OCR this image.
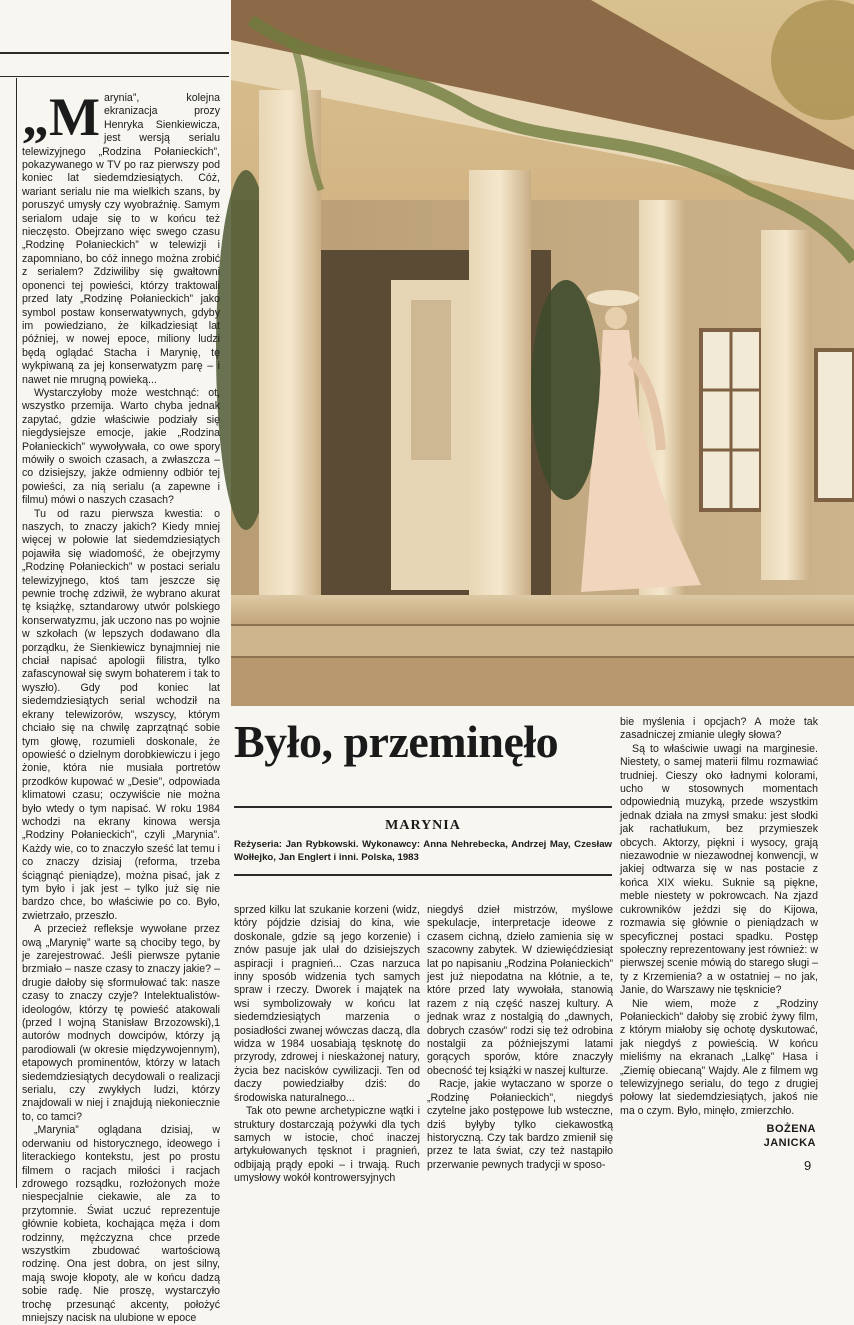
„Marynia”, kolejna ekranizacja prozy Henryka Sienkiewicza, jest wersją serialu telewizyjnego „Rodzina Połanieckich”, pokazywanego w TV po raz pierwszy pod koniec lat siedemdziesiątych. Cóż, wariant serialu nie ma wielkich szans, by poruszyć umysły czy wyobraźnię. Samym serialom udaje się to w końcu też nieczęsto. Obejrzano więc swego czasu „Rodzinę Połanieckich” w telewizji i zapomniano, bo cóż innego można zrobić z serialem? Zdziwiliby się gwałtowni oponenci tej powieści, którzy traktowali przed laty „Rodzinę Połanieckich” jako symbol postaw konserwatywnych, gdyby im powiedziano, że kilkadziesiąt lat później, w nowej epoce, miliony ludzi będą oglądać Stacha i Marynię, tę wykpiwaną za jej konserwatyzm parę – i nawet nie mrugną powieką...

Wystarczyłoby może westchnąć: ot, wszystko przemija. Warto chyba jednak zapytać, gdzie właściwie podziały się niegdysiejsze emocje, jakie „Rodzina Połanieckich” wywoływała, co owe spory mówiły o swoich czasach, a zwłaszcza – co dzisiejszy, jakże odmienny odbiór tej powieści, za nią serialu (a zapewne i filmu) mówi o naszych czasach?

Tu od razu pierwsza kwestia: o naszych, to znaczy jakich? Kiedy mniej więcej w połowie lat siedemdziesiątych pojawiła się wiadomość, że obejrzymy „Rodzinę Połanieckich” w postaci serialu telewizyjnego, ktoś tam jeszcze się pewnie trochę zdziwił, że wybrano akurat tę książkę, sztandarowy utwór polskiego konserwatyzmu, jak uczono nas po wojnie w szkołach (w lepszych dodawano dla porządku, że Sienkiewicz bynajmniej nie chciał napisać apologii filistra, tylko zafascynował się swym bohaterem i tak to wyszło). Gdy pod koniec lat siedemdziesiątych serial wchodził na ekrany telewizorów, wszyscy, którym chciało się na chwilę zaprzątnąć sobie tym głowę, rozumieli doskonale, że opowieść o dzielnym dorobkiewiczu i jego żonie, która nie musiała portretów przodków kupować w „Desie”, odpowiada klimatowi czasu; oczywiście nie można było wtedy o tym napisać. W roku 1984 wchodzi na ekrany kinowa wersja „Rodziny Połanieckich”, czyli „Marynia”. Każdy wie, co to znaczyło sześć lat temu i co znaczy dzisiaj (reforma, trzeba ściągnąć pieniądze), można pisać, jak z tym było i jak jest – tylko już się nie bardzo chce, bo właściwie po co. Było, zwietrzało, przeszło.

A przecież refleksje wywołane przez ową „Marynię” warte są chociby tego, by je zarejestrować. Jeśli pierwsze pytanie brzmiało – nasze czasy to znaczy jakie? – drugie dałoby się sformułować tak: nasze czasy to znaczy czyje? Intelektualistów-ideologów, którzy tę powieść atakowali (przed I wojną Stanisław Brzozowski),1 autorów modnych dowcipów, którzy ją parodiowali (w okresie międzywojennym), etapowych prominentów, którzy w latach siedemdziesiątych decydowali o realizacji serialu, czy zwykłych ludzi, którzy znajdowali w niej i znajdują niekoniecznie to, co tamci?

„Marynia” oglądana dzisiaj, w oderwaniu od historycznego, ideowego i literackiego kontekstu, jest po prostu filmem o racjach miłości i racjach zdrowego rozsądku, rozłożonych może niespecjalnie ciekawie, ale za to przytomnie. Świat uczuć reprezentuje głównie kobieta, kochająca męża i dom rodzinny, mężczyzna chce przede wszystkim zbudować wartościową rodzinę. Ona jest dobra, on jest silny, mają swoje kłopoty, ale w końcu dadzą sobie radę. Nie proszę, wystarczyło trochę przesunąć akcenty, położyć mniejszy nacisk na ulubione w epoce

Było, przeminęło
MARYNIA

Reżyseria: Jan Rybkowski. Wykonawcy: Anna Nehrebecka, Andrzej May, Czesław Wołłejko, Jan Englert i inni. Polska, 1983

sprzed kilku lat szukanie korzeni (widz, który pójdzie dzisiaj do kina, wie doskonale, gdzie są jego korzenie) i znów pasuje jak ulał do dzisiejszych aspiracji i pragnień... Czas narzuca inny sposób widzenia tych samych spraw i rzeczy. Dworek i majątek na wsi symbolizowały w końcu lat siedemdziesiątych marzenia o posiadłości zwanej wówczas daczą, dla widza w 1984 uosabiają tęsknotę do przyrody, zdrowej i nieskażonej natury, życia bez nacisków cywilizacji. Ten od daczy powiedziałby dziś: do środowiska naturalnego...

Tak oto pewne archetypiczne wątki i struktury dostarczają pożywki dla tych samych w istocie, choć inaczej artykułowanych tęsknot i pragnień, odbijają prądy epoki – i trwają. Ruch umysłowy wokół kontrowersyjnych

niegdyś dzieł mistrzów, myślowe spekulacje, interpretacje ideowe z czasem cichną, dzieło zamienia się w szacowny zabytek. W dziewięćdziesiąt lat po napisaniu „Rodzina Połanieckich” jest już niepodatna na kłótnie, a te, które przed laty wywołała, stanowią razem z nią część naszej kultury. A jednak wraz z nostalgią do „dawnych, dobrych czasów” rodzi się też odrobina nostalgii za późniejszymi latami gorących sporów, które znaczyły obecność tej książki w naszej kulturze.

Racje, jakie wytaczano w sporze o „Rodzinę Połanieckich”, niegdyś czytelne jako postępowe lub wsteczne, dziś byłyby tylko ciekawostką historyczną. Czy tak bardzo zmienił się przez te lata świat, czy też nastąpiło przerwanie pewnych tradycji w sposo-

bie myślenia i opcjach? A może tak zasadniczej zmianie uległy słowa?

Są to właściwie uwagi na marginesie. Niestety, o samej materii filmu rozmawiać trudniej. Cieszy oko ładnymi kolorami, ucho w stosownych momentach odpowiednią muzyką, przede wszystkim jednak działa na zmysł smaku: jest słodki jak rachatłukum, bez przymieszek obcych. Aktorzy, piękni i wysocy, grają niezawodnie w niezawodnej konwencji, w jakiej odtwarza się w nas postacie z końca XIX wieku. Suknie są piękne, meble niestety w pokrowcach. Na zjazd cukrowników jeździ się do Kijowa, rozmawia się głównie o pieniądzach w specyficznej postaci spadku. Postęp społeczny reprezentowany jest również: w pierwszej scenie mówią do starego sługi – ty z Krzemienia? a w ostatniej – no jak, Janie, do Warszawy nie tęsknicie?

Nie wiem, może z „Rodziny Połanieckich” dałoby się zrobić żywy film, z którym miałoby się ochotę dyskutować, jak niegdyś z powieścią. W końcu mieliśmy na ekranach „Lalkę” Hasa i „Ziemię obiecaną” Wajdy. Ale z filmem wg telewizyjnego serialu, do tego z drugiej połowy lat siedemdziesiątych, jakoś nie ma o czym. Było, minęło, zmierzchło.

BOŻENA
JANICKA
9
